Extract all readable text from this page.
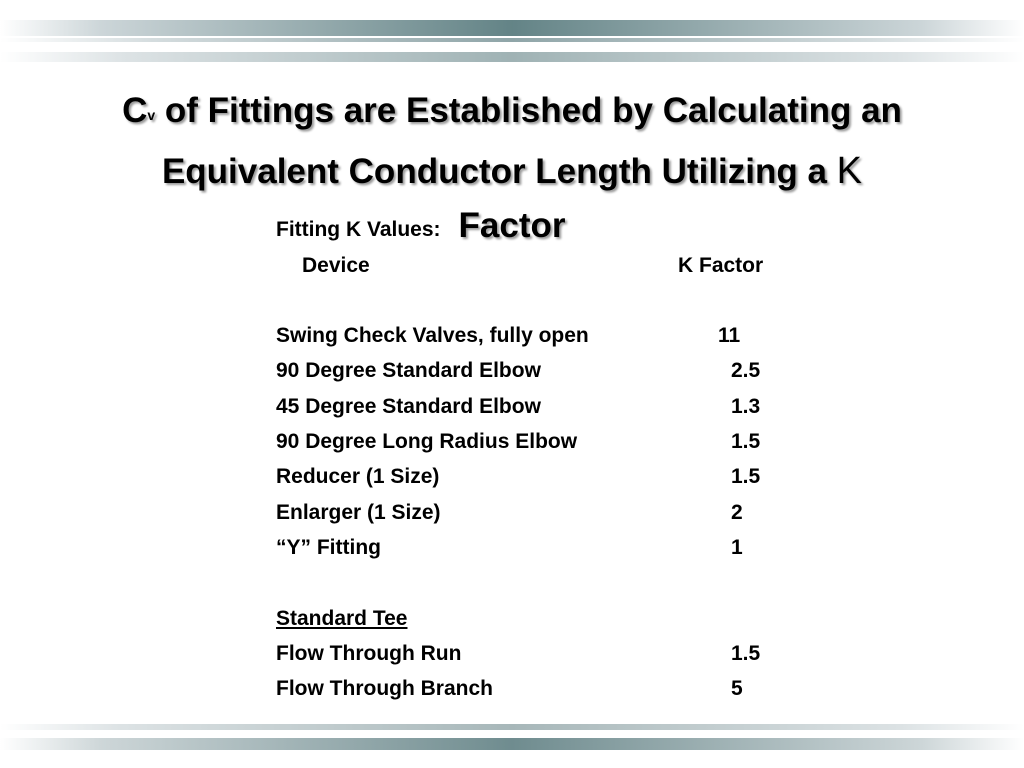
$C_v$ of Fittings are Established by Calculating an
Equivalent Conductor Length Utilizing a K
Factor
Fitting K Values:
Device	K Factor
Swing Check Valves, fully open	11
90 Degree Standard Elbow	2.5
45 Degree Standard Elbow	1.3
90 Degree Long Radius Elbow	1.5
Reducer (1 Size)	1.5
Enlarger (1 Size)	2
“Y” Fitting	1
Standard Tee
Flow Through Run	1.5
Flow Through Branch	5
